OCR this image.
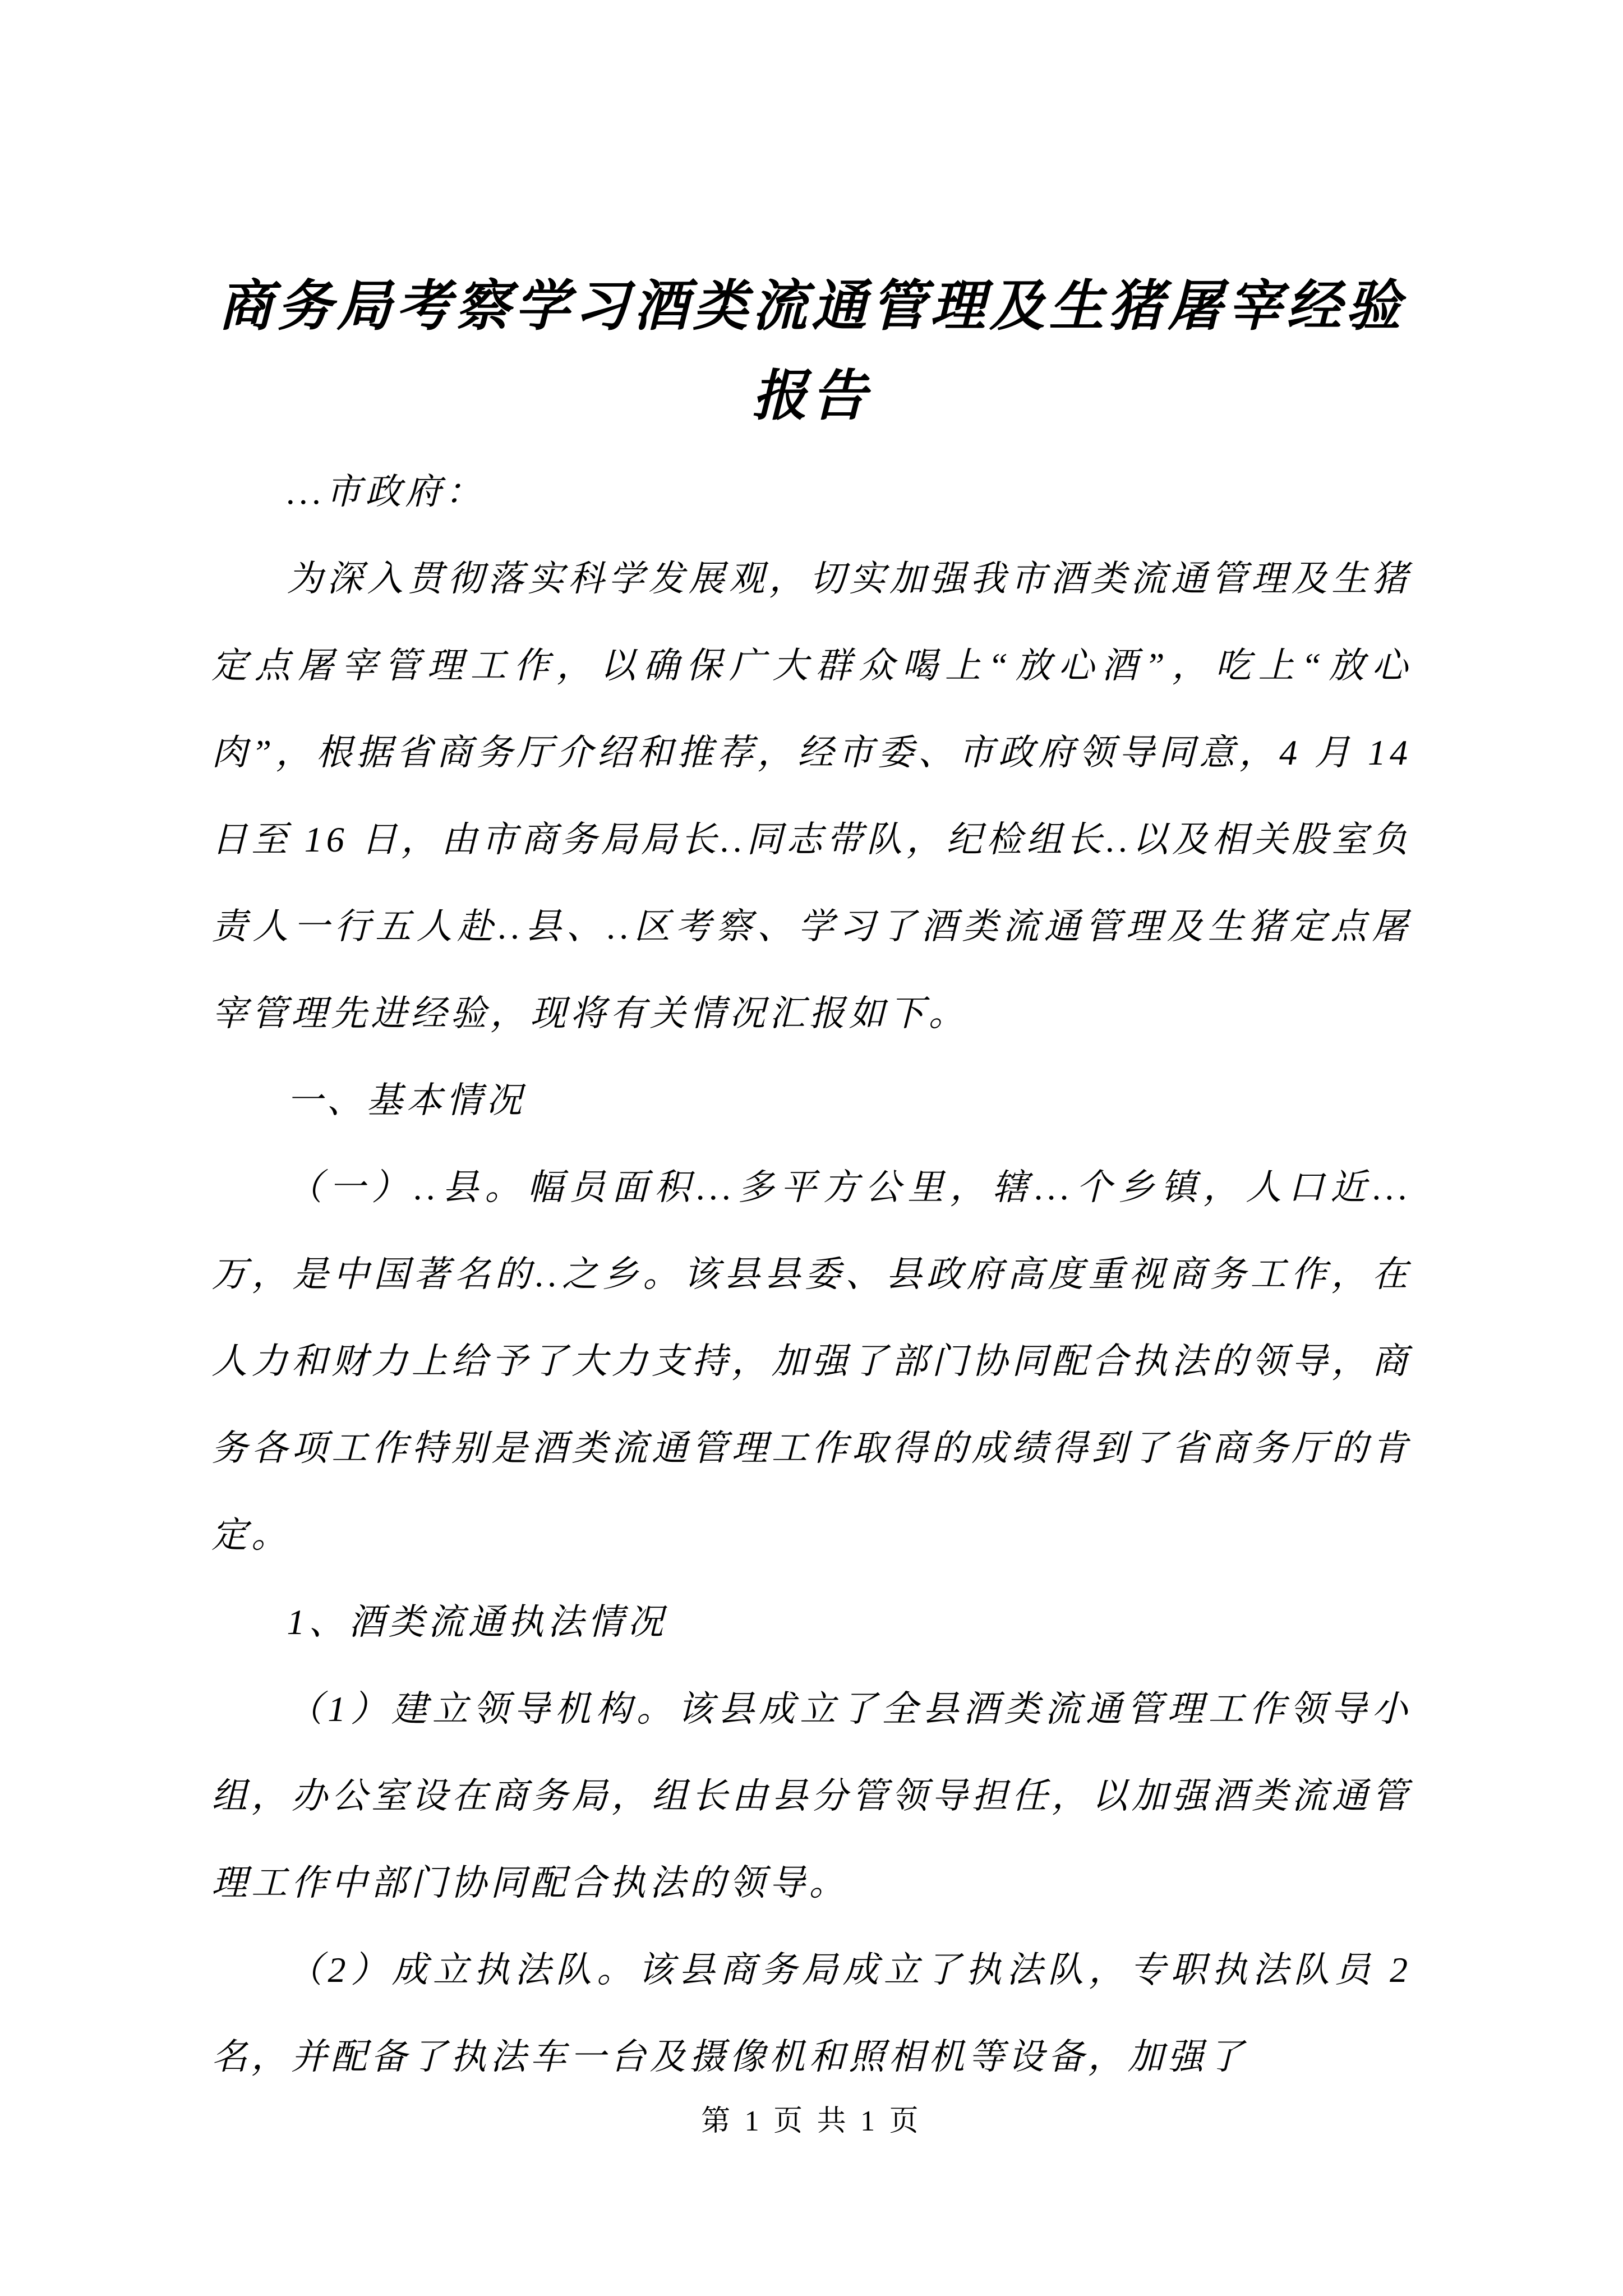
商务局考察学习酒类流通管理及生猪屠宰经验报告

...市政府：

为深入贯彻落实科学发展观，切实加强我市酒类流通管理及生猪定点屠宰管理工作，以确保广大群众喝上“放心酒”，吃上“放心肉”，根据省商务厅介绍和推荐，经市委、市政府领导同意，4 月 14 日至 16 日，由市商务局局长..同志带队，纪检组长..以及相关股室负责人一行五人赴..县、..区考察、学习了酒类流通管理及生猪定点屠宰管理先进经验，现将有关情况汇报如下。

一、基本情况

（一）..县。幅员面积...多平方公里，辖...个乡镇，人口近...万，是中国著名的..之乡。该县县委、县政府高度重视商务工作，在人力和财力上给予了大力支持，加强了部门协同配合执法的领导，商务各项工作特别是酒类流通管理工作取得的成绩得到了省商务厅的肯定。

1、酒类流通执法情况

（1）建立领导机构。该县成立了全县酒类流通管理工作领导小组，办公室设在商务局，组长由县分管领导担任，以加强酒类流通管理工作中部门协同配合执法的领导。

（2）成立执法队。该县商务局成立了执法队，专职执法队员 2 名，并配备了执法车一台及摄像机和照相机等设备，加强了

第 1 页 共 1 页
